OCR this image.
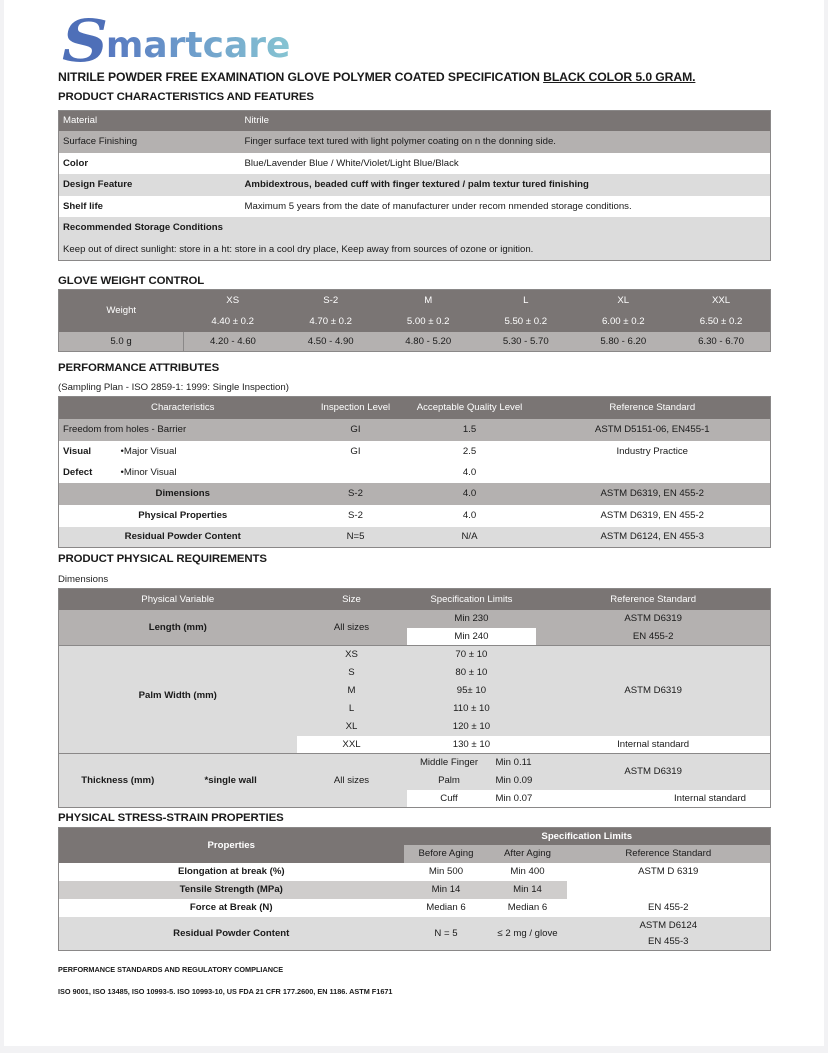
S martcare
NITRILE POWDER FREE EXAMINATION GLOVE POLYMER COATED SPECIFICATION BLACK COLOR 5.0 GRAM.
PRODUCT CHARACTERISTICS AND FEATURES
Material	Nitrile
Surface Finishing	Finger surface text tured with light polymer coating on n the donning side.
Color	Blue/Lavender Blue / White/Violet/Light Blue/Black
Design Feature	Ambidextrous, beaded cuff with finger textured / palm textur tured finishing
Shelf life	Maximum 5 years from the date of manufacturer under recom nmended storage conditions.
Recommended Storage Conditions	
Keep out of direct sunlight: store in a ht: store in a cool dry place, Keep away from sources of ozone or ignition.	
GLOVE WEIGHT CONTROL
Weight	XS	S-2	M	L	XL	XXL
	4.40 ± 0.2	4.70 ± 0.2	5.00 ± 0.2	5.50 ± 0.2	6.00 ± 0.2	6.50 ± 0.2
5.0 g	4.20 - 4.60	4.50 - 4.90	4.80 - 5.20	5.30 - 5.70	5.80 - 6.20	6.30 - 6.70
PERFORMANCE ATTRIBUTES
(Sampling Plan - ISO 2859-1: 1999: Single Inspection)
Characteristics		Inspection Level	Acceptable Quality Level	Reference Standard
Freedom from holes - Barrier		GI	1.5	ASTM D5151-06, EN455-1
Visual	•Major Visual	GI	2.5	Industry Practice
Defect	•Minor Visual		4.0	
Dimensions		S-2	4.0	ASTM D6319, EN 455-2
Physical Properties		S-2	4.0	ASTM D6319, EN 455-2
Residual Powder Content		N=5	N/A	ASTM D6124, EN 455-3
PRODUCT PHYSICAL REQUIREMENTS
Dimensions
Physical Variable		Size	Specification Limits		Reference Standard
Length (mm)		All sizes	Min 230		ASTM D6319
			Min 240		EN 455-2
Palm Width (mm)		XS	70 ± 10		ASTM D6319
		S	80 ± 10		
		M	95± 10		
		L	110 ± 10		
		XL	120 ± 10		
		XXL	130 ± 10		Internal standard
Thickness (mm)	*single wall	All sizes	Middle Finger	Min 0.11	ASTM D6319
			Palm	Min 0.09	
			Cuff	Min 0.07	Internal standard
PHYSICAL STRESS-STRAIN PROPERTIES
Properties	Specification Limits		
	Before Aging	After Aging	Reference Standard
Elongation at break (%)	Min 500	Min 400	ASTM D 6319
Tensile Strength (MPa)	Min 14	Min 14	
Force at Break (N)	Median 6	Median 6	EN 455-2
Residual Powder Content	N = 5	≤ 2 mg / glove	ASTM D6124
			EN 455-3
PERFORMANCE STANDARDS AND REGULATORY COMPLIANCE
ISO 9001, ISO 13485, ISO 10993-5. ISO 10993-10, US FDA 21 CFR 177.2600, EN 1186. ASTM F1671
